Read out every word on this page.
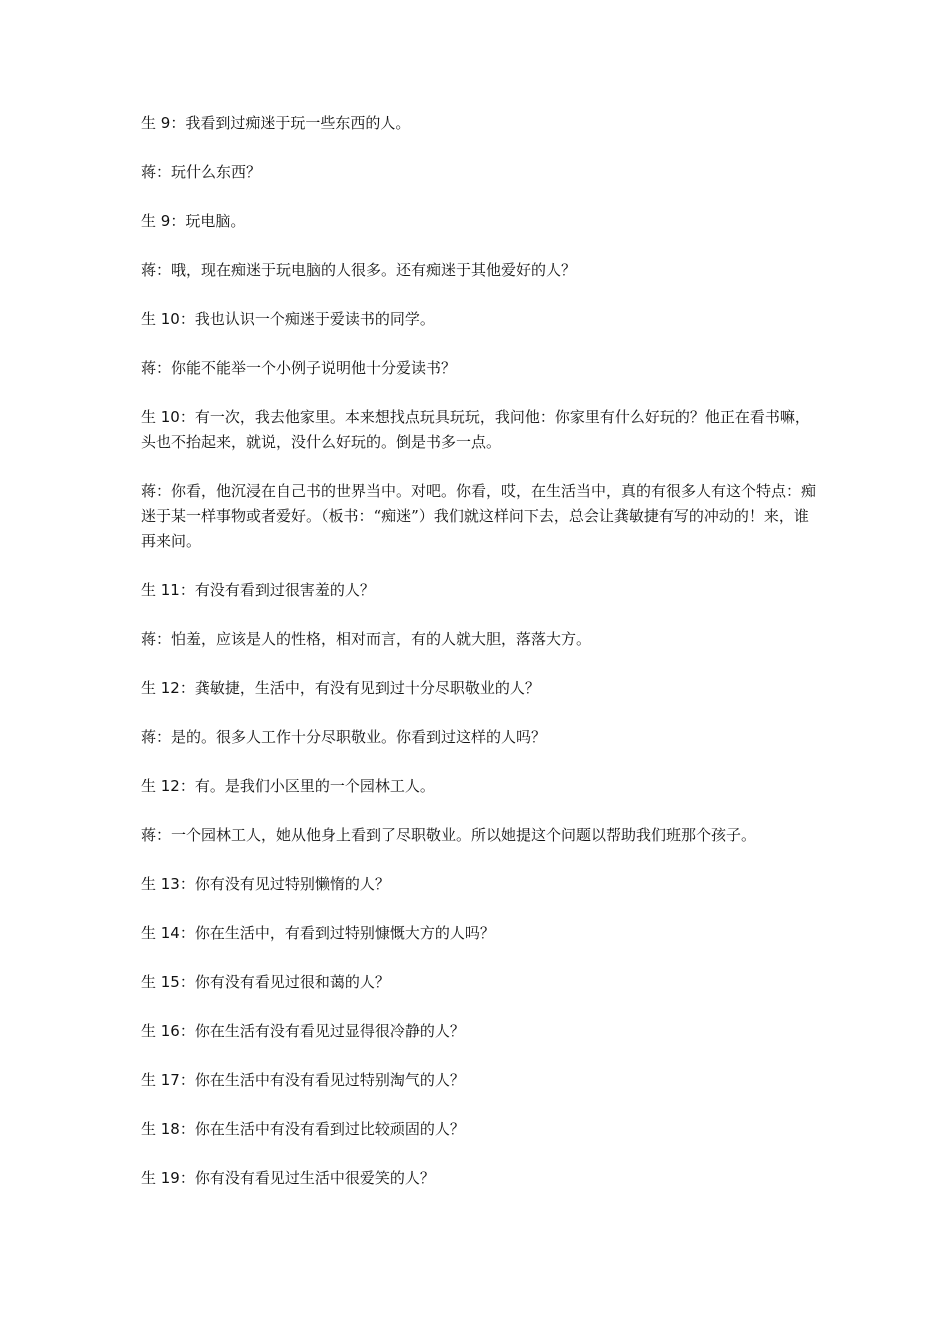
生 9：我看到过痴迷于玩一些东西的人。

蒋：玩什么东西？

生 9：玩电脑。

蒋：哦，现在痴迷于玩电脑的人很多。还有痴迷于其他爱好的人？

生 10：我也认识一个痴迷于爱读书的同学。

蒋：你能不能举一个小例子说明他十分爱读书？

生 10：有一次，我去他家里。本来想找点玩具玩玩，我问他：你家里有什么好玩的？他正在看书嘛，头也不抬起来，就说，没什么好玩的。倒是书多一点。

蒋：你看，他沉浸在自己书的世界当中。对吧。你看，哎，在生活当中，真的有很多人有这个特点：痴迷于某一样事物或者爱好。（板书：“痴迷”）我们就这样问下去，总会让龚敏捷有写的冲动的！来，谁再来问。

生 11：有没有看到过很害羞的人？

蒋：怕羞，应该是人的性格，相对而言，有的人就大胆，落落大方。

生 12：龚敏捷，生活中，有没有见到过十分尽职敬业的人？

蒋：是的。很多人工作十分尽职敬业。你看到过这样的人吗？

生 12：有。是我们小区里的一个园林工人。

蒋：一个园林工人，她从他身上看到了尽职敬业。所以她提这个问题以帮助我们班那个孩子。

生 13：你有没有见过特别懒惰的人？

生 14：你在生活中，有看到过特别慷慨大方的人吗？

生 15：你有没有看见过很和蔼的人？

生 16：你在生活有没有看见过显得很冷静的人？

生 17：你在生活中有没有看见过特别淘气的人？

生 18：你在生活中有没有看到过比较顽固的人？

生 19：你有没有看见过生活中很爱笑的人？
